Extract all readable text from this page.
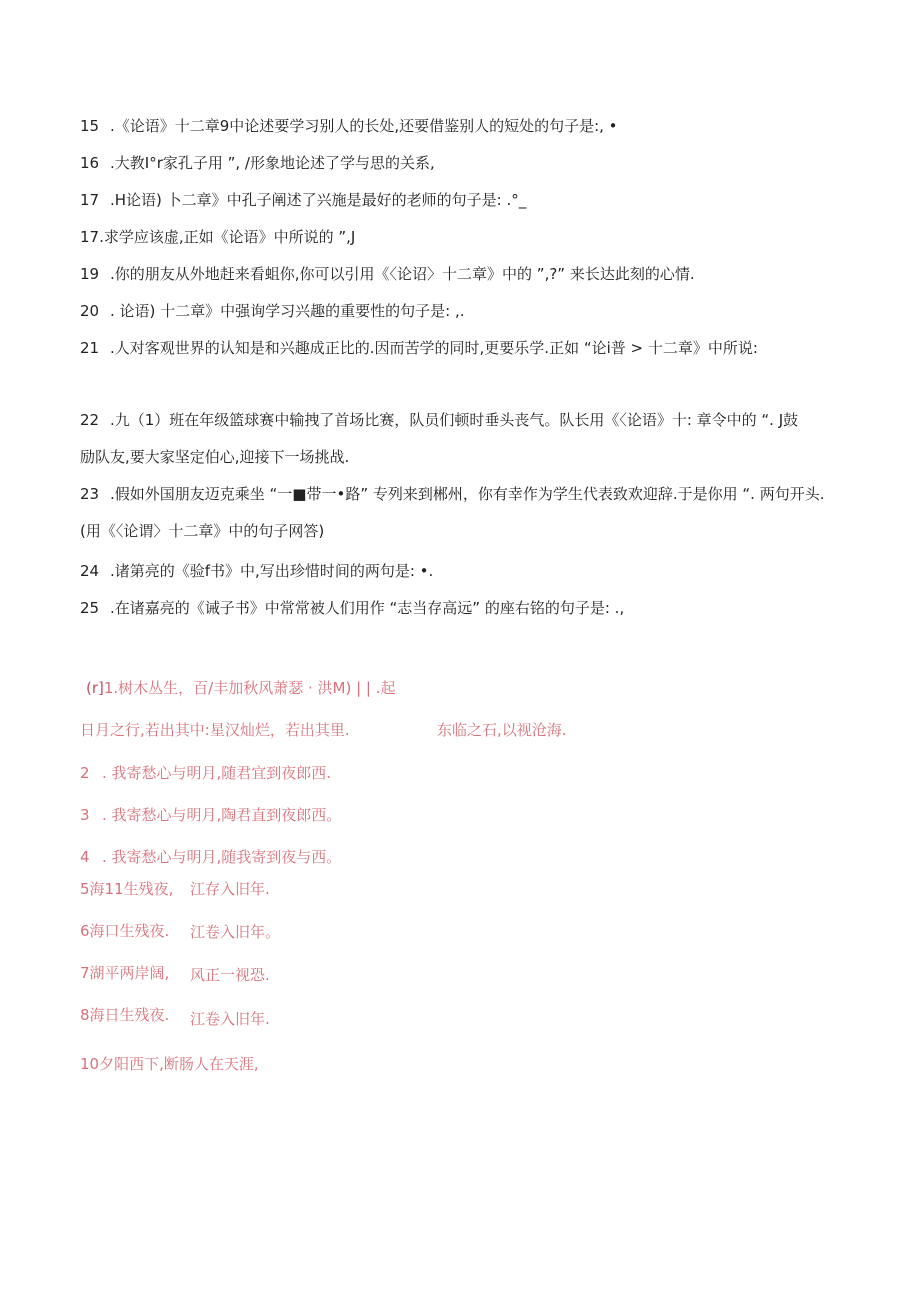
15 .《论语》十二章9中论述要学习别人的长处,还要借鉴别人的短处的句子是:, •
16 .大教I°r家孔子用 ”, /形象地论述了学与思的关系,
17 .H论语) 卜二章》中孔子阐述了兴施是最好的老师的句子是: .°_
17.求学应该虚,正如《论语》中所说的 ”,J
19 .你的朋友从外地赶来看蛆你,你可以引用《〈论诏〉十二章》中的 ”,?” 来长达此刻的心情.
20 . 论语) 十二章》中强询学习兴趣的重要性的句子是: ,.
21 .人对客观世界的认知是和兴趣成正比的.因而苦学的同时,更要乐学.正如 “论i普 > 十二章》中所说:
22 .九（1）班在年级篮球赛中输拽了首场比赛，队员们顿时垂头丧气。队长用《〈论语》十: 章令中的 “. J鼓
励队友,要大家坚定伯心,迎接下一场挑战.
23 .假如外国朋友迈克乘坐 “一■带一•路” 专列来到郴州，你有幸作为学生代表致欢迎辞.于是你用 “. 两句开头.
(用《〈论谓〉十二章》中的句子网答)
24 .诸第亮的《验f书》中,写出珍惜时间的两句是: •.
25 .在诸嘉亮的《诫子书》中常常被人们用作 “志当存高远” 的座右铭的句子是: .,
(r]1.树木丛生，百/丰加秋风萧瑟 · 洪M) | | .起
日月之行,若出其中:星汉灿烂，若出其里.	东临之石,以视沧海.
2 . 我寄愁心与明月,随君宜到夜郎西.
3 . 我寄愁心与明月,陶君直到夜郎西。
4 . 我寄愁心与明月,随我寄到夜与西。
5海11生残夜, 江存入旧年.
6海口生残夜. 江卷入旧年。
7湖平两岸阔, 风正一视恐.
8海日生残夜. 江卷入旧年.
10夕阳西下,断肠人在天涯,
